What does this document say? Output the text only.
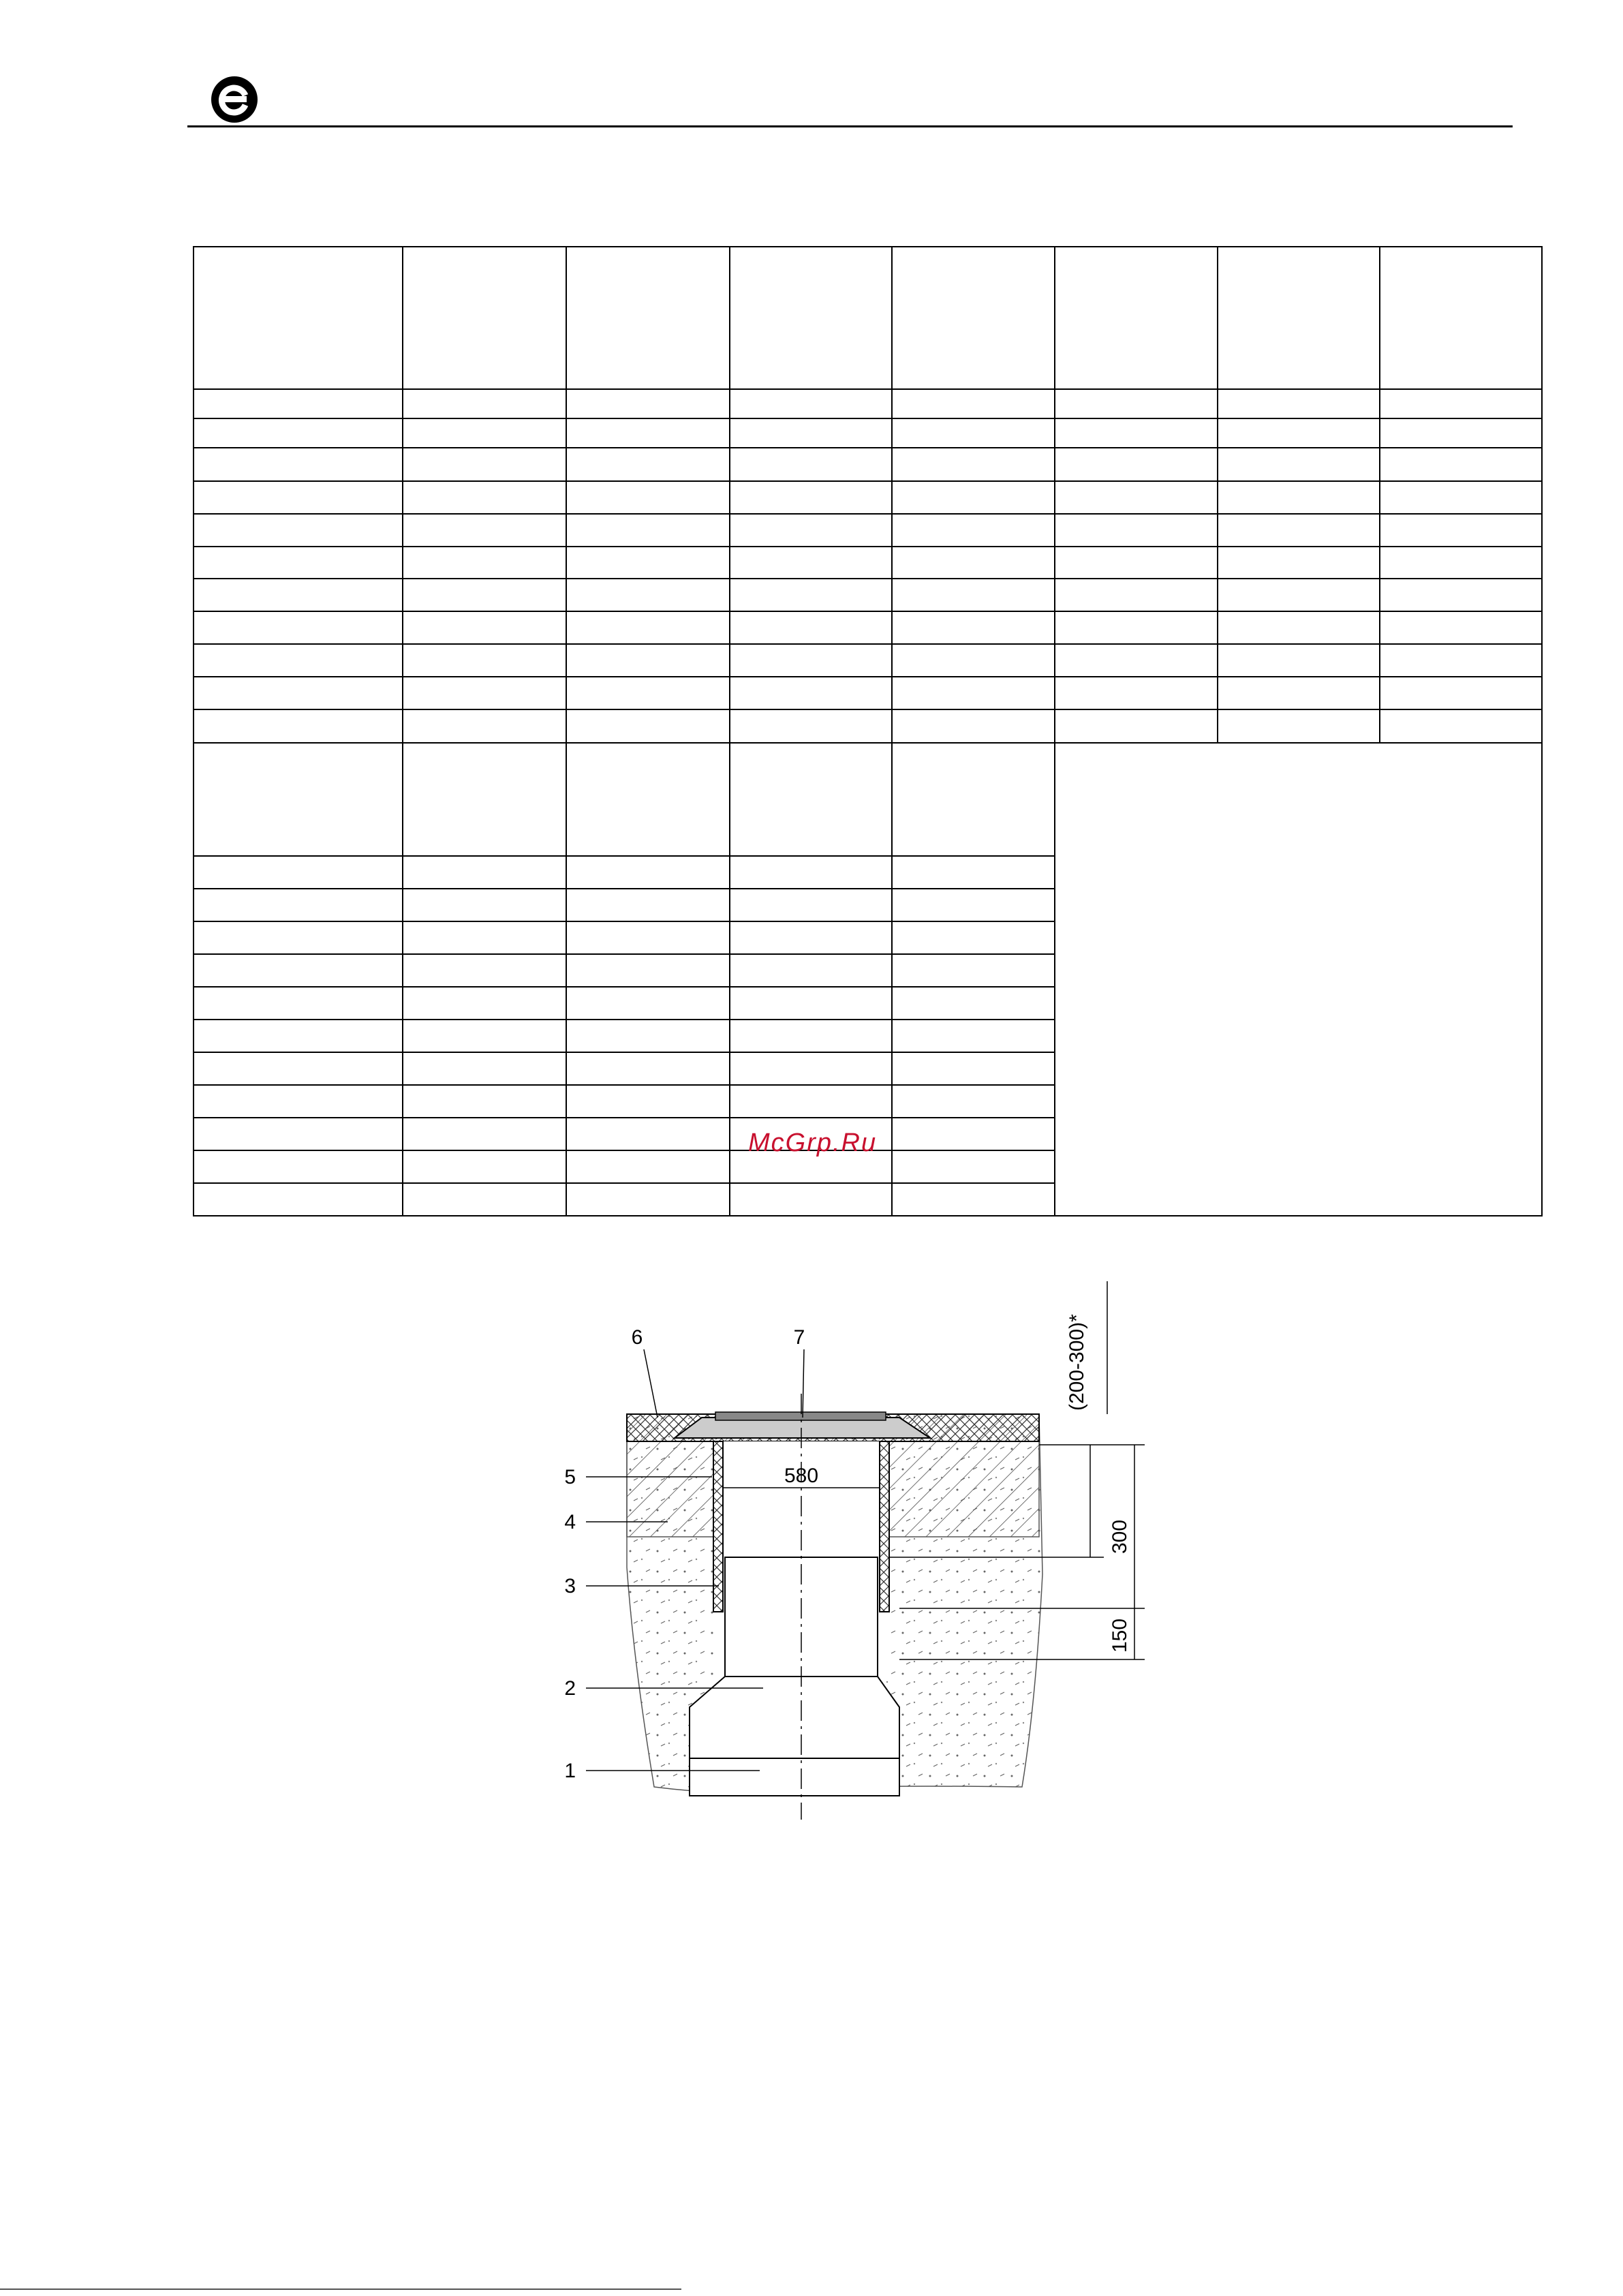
McGrp.Ru
580
1
2
3
4
5
6	7	(200-300)*
300
150
